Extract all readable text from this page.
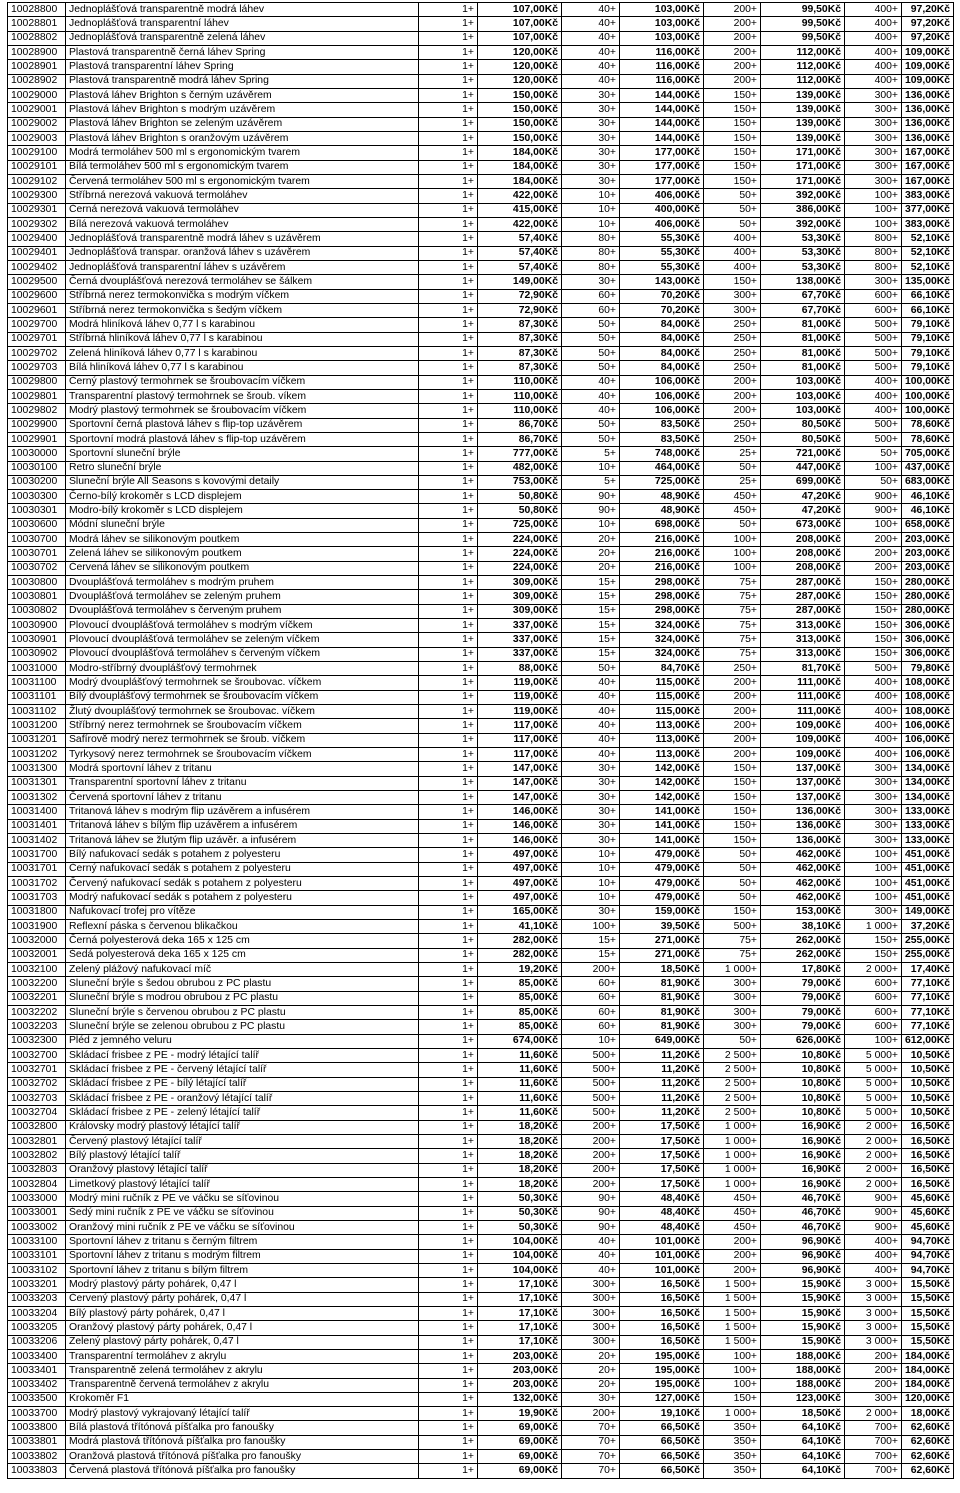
10028800	Jednoplášťová transparentně modrá láhev	1+	107,00Kč	40+	103,00Kč	200+	99,50Kč	400+	97,20Kč
10028801	Jednoplášťová transparentní láhev	1+	107,00Kč	40+	103,00Kč	200+	99,50Kč	400+	97,20Kč
10028802	Jednoplášťová transparentně zelená láhev	1+	107,00Kč	40+	103,00Kč	200+	99,50Kč	400+	97,20Kč
10028900	Plastová transparentně černá láhev Spring	1+	120,00Kč	40+	116,00Kč	200+	112,00Kč	400+	109,00Kč
10028901	Plastová transparentní láhev Spring	1+	120,00Kč	40+	116,00Kč	200+	112,00Kč	400+	109,00Kč
10028902	Plastová transparentně modrá láhev Spring	1+	120,00Kč	40+	116,00Kč	200+	112,00Kč	400+	109,00Kč
10029000	Plastová láhev Brighton s černým uzávěrem	1+	150,00Kč	30+	144,00Kč	150+	139,00Kč	300+	136,00Kč
10029001	Plastová láhev Brighton s modrým uzávěrem	1+	150,00Kč	30+	144,00Kč	150+	139,00Kč	300+	136,00Kč
10029002	Plastová láhev Brighton se zeleným uzávěrem	1+	150,00Kč	30+	144,00Kč	150+	139,00Kč	300+	136,00Kč
10029003	Plastová láhev Brighton s oranžovým uzávěrem	1+	150,00Kč	30+	144,00Kč	150+	139,00Kč	300+	136,00Kč
10029100	Modrá termoláhev 500 ml s ergonomickým tvarem	1+	184,00Kč	30+	177,00Kč	150+	171,00Kč	300+	167,00Kč
10029101	Bílá termoláhev 500 ml s ergonomickým tvarem	1+	184,00Kč	30+	177,00Kč	150+	171,00Kč	300+	167,00Kč
10029102	Červená termoláhev 500 ml s ergonomickým tvarem	1+	184,00Kč	30+	177,00Kč	150+	171,00Kč	300+	167,00Kč
10029300	Stříbrná nerezová vakuová termoláhev	1+	422,00Kč	10+	406,00Kč	50+	392,00Kč	100+	383,00Kč
10029301	Černá nerezová vakuová termoláhev	1+	415,00Kč	10+	400,00Kč	50+	386,00Kč	100+	377,00Kč
10029302	Bílá nerezová vakuová termoláhev	1+	422,00Kč	10+	406,00Kč	50+	392,00Kč	100+	383,00Kč
10029400	Jednoplášťová transparentně modrá láhev s uzávěrem	1+	57,40Kč	80+	55,30Kč	400+	53,30Kč	800+	52,10Kč
10029401	Jednoplášťová transpar. oranžová láhev s uzávěrem	1+	57,40Kč	80+	55,30Kč	400+	53,30Kč	800+	52,10Kč
10029402	Jednoplášťová transparentní láhev s uzávěrem	1+	57,40Kč	80+	55,30Kč	400+	53,30Kč	800+	52,10Kč
10029500	Černá dvouplášťová nerezová termoláhev se šálkem	1+	149,00Kč	30+	143,00Kč	150+	138,00Kč	300+	135,00Kč
10029600	Stříbrná nerez termokonvička s modrým víčkem	1+	72,90Kč	60+	70,20Kč	300+	67,70Kč	600+	66,10Kč
10029601	Stříbrná nerez termokonvička s šedým víčkem	1+	72,90Kč	60+	70,20Kč	300+	67,70Kč	600+	66,10Kč
10029700	Modrá hliníková láhev 0,77 l s karabinou	1+	87,30Kč	50+	84,00Kč	250+	81,00Kč	500+	79,10Kč
10029701	Stříbrná hliníková láhev 0,77 l s karabinou	1+	87,30Kč	50+	84,00Kč	250+	81,00Kč	500+	79,10Kč
10029702	Zelená hliníková láhev 0,77 l s karabinou	1+	87,30Kč	50+	84,00Kč	250+	81,00Kč	500+	79,10Kč
10029703	Bílá hliníková láhev 0,77 l s karabinou	1+	87,30Kč	50+	84,00Kč	250+	81,00Kč	500+	79,10Kč
10029800	Černý plastový termohrnek se šroubovacím víčkem	1+	110,00Kč	40+	106,00Kč	200+	103,00Kč	400+	100,00Kč
10029801	Transparentní plastový termohrnek se šroub. víkem	1+	110,00Kč	40+	106,00Kč	200+	103,00Kč	400+	100,00Kč
10029802	Modrý plastový termohrnek se šroubovacím víčkem	1+	110,00Kč	40+	106,00Kč	200+	103,00Kč	400+	100,00Kč
10029900	Sportovní černá plastová láhev s flip-top uzávěrem	1+	86,70Kč	50+	83,50Kč	250+	80,50Kč	500+	78,60Kč
10029901	Sportovní modrá plastová láhev s flip-top uzávěrem	1+	86,70Kč	50+	83,50Kč	250+	80,50Kč	500+	78,60Kč
10030000	Sportovní sluneční brýle	1+	777,00Kč	5+	748,00Kč	25+	721,00Kč	50+	705,00Kč
10030100	Retro sluneční brýle	1+	482,00Kč	10+	464,00Kč	50+	447,00Kč	100+	437,00Kč
10030200	Sluneční brýle All Seasons s kovovými detaily	1+	753,00Kč	5+	725,00Kč	25+	699,00Kč	50+	683,00Kč
10030300	Černo-bílý krokoměr s LCD displejem	1+	50,80Kč	90+	48,90Kč	450+	47,20Kč	900+	46,10Kč
10030301	Modro-bílý krokoměr s LCD displejem	1+	50,80Kč	90+	48,90Kč	450+	47,20Kč	900+	46,10Kč
10030600	Módní sluneční brýle	1+	725,00Kč	10+	698,00Kč	50+	673,00Kč	100+	658,00Kč
10030700	Modrá láhev se silikonovým poutkem	1+	224,00Kč	20+	216,00Kč	100+	208,00Kč	200+	203,00Kč
10030701	Zelená láhev se silikonovým poutkem	1+	224,00Kč	20+	216,00Kč	100+	208,00Kč	200+	203,00Kč
10030702	Červená láhev se silikonovým poutkem	1+	224,00Kč	20+	216,00Kč	100+	208,00Kč	200+	203,00Kč
10030800	Dvouplášťová termoláhev s modrým pruhem	1+	309,00Kč	15+	298,00Kč	75+	287,00Kč	150+	280,00Kč
10030801	Dvouplášťová termoláhev se zeleným pruhem	1+	309,00Kč	15+	298,00Kč	75+	287,00Kč	150+	280,00Kč
10030802	Dvouplášťová termoláhev s červeným pruhem	1+	309,00Kč	15+	298,00Kč	75+	287,00Kč	150+	280,00Kč
10030900	Plovoucí dvouplášťová termoláhev s modrým víčkem	1+	337,00Kč	15+	324,00Kč	75+	313,00Kč	150+	306,00Kč
10030901	Plovoucí dvouplášťová termoláhev se zeleným víčkem	1+	337,00Kč	15+	324,00Kč	75+	313,00Kč	150+	306,00Kč
10030902	Plovoucí dvouplášťová termoláhev s červeným víčkem	1+	337,00Kč	15+	324,00Kč	75+	313,00Kč	150+	306,00Kč
10031000	Modro-stříbrný dvouplášťový termohrnek	1+	88,00Kč	50+	84,70Kč	250+	81,70Kč	500+	79,80Kč
10031100	Modrý dvouplášťový termohrnek se šroubovac. víčkem	1+	119,00Kč	40+	115,00Kč	200+	111,00Kč	400+	108,00Kč
10031101	Bílý dvouplášťový termohrnek se šroubovacím víčkem	1+	119,00Kč	40+	115,00Kč	200+	111,00Kč	400+	108,00Kč
10031102	Žlutý dvouplášťový termohrnek se šroubovac. víčkem	1+	119,00Kč	40+	115,00Kč	200+	111,00Kč	400+	108,00Kč
10031200	Stříbrný nerez termohrnek se šroubovacím víčkem	1+	117,00Kč	40+	113,00Kč	200+	109,00Kč	400+	106,00Kč
10031201	Safírově modrý nerez termohrnek se šroub. víčkem	1+	117,00Kč	40+	113,00Kč	200+	109,00Kč	400+	106,00Kč
10031202	Tyrkysový nerez termohrnek se šroubovacím víčkem	1+	117,00Kč	40+	113,00Kč	200+	109,00Kč	400+	106,00Kč
10031300	Modrá sportovní láhev z tritanu	1+	147,00Kč	30+	142,00Kč	150+	137,00Kč	300+	134,00Kč
10031301	Transparentní sportovní láhev z tritanu	1+	147,00Kč	30+	142,00Kč	150+	137,00Kč	300+	134,00Kč
10031302	Červená sportovní láhev z tritanu	1+	147,00Kč	30+	142,00Kč	150+	137,00Kč	300+	134,00Kč
10031400	Tritanová láhev s modrým flip uzávěrem a infusérem	1+	146,00Kč	30+	141,00Kč	150+	136,00Kč	300+	133,00Kč
10031401	Tritanová láhev s bílým flip uzávěrem a infusérem	1+	146,00Kč	30+	141,00Kč	150+	136,00Kč	300+	133,00Kč
10031402	Tritanová láhev se žlutým flip uzávěr. a infusérem	1+	146,00Kč	30+	141,00Kč	150+	136,00Kč	300+	133,00Kč
10031700	Bílý nafukovací sedák s potahem z polyesteru	1+	497,00Kč	10+	479,00Kč	50+	462,00Kč	100+	451,00Kč
10031701	Černý nafukovací sedák s potahem z polyesteru	1+	497,00Kč	10+	479,00Kč	50+	462,00Kč	100+	451,00Kč
10031702	Červený nafukovací sedák s potahem z polyesteru	1+	497,00Kč	10+	479,00Kč	50+	462,00Kč	100+	451,00Kč
10031703	Modrý nafukovací sedák s potahem z polyesteru	1+	497,00Kč	10+	479,00Kč	50+	462,00Kč	100+	451,00Kč
10031800	Nafukovací trofej pro vítěze	1+	165,00Kč	30+	159,00Kč	150+	153,00Kč	300+	149,00Kč
10031900	Reflexní páska s červenou blikačkou	1+	41,10Kč	100+	39,50Kč	500+	38,10Kč	1 000+	37,20Kč
10032000	Černá polyesterová deka 165 x 125 cm	1+	282,00Kč	15+	271,00Kč	75+	262,00Kč	150+	255,00Kč
10032001	Šedá polyesterová deka 165 x 125 cm	1+	282,00Kč	15+	271,00Kč	75+	262,00Kč	150+	255,00Kč
10032100	Zelený plážový nafukovací míč	1+	19,20Kč	200+	18,50Kč	1 000+	17,80Kč	2 000+	17,40Kč
10032200	Sluneční brýle s šedou obrubou z PC plastu	1+	85,00Kč	60+	81,90Kč	300+	79,00Kč	600+	77,10Kč
10032201	Sluneční brýle s modrou obrubou z PC plastu	1+	85,00Kč	60+	81,90Kč	300+	79,00Kč	600+	77,10Kč
10032202	Sluneční brýle s červenou obrubou z PC plastu	1+	85,00Kč	60+	81,90Kč	300+	79,00Kč	600+	77,10Kč
10032203	Sluneční brýle se zelenou obrubou z PC plastu	1+	85,00Kč	60+	81,90Kč	300+	79,00Kč	600+	77,10Kč
10032300	Pléd z jemného veluru	1+	674,00Kč	10+	649,00Kč	50+	626,00Kč	100+	612,00Kč
10032700	Skládací frisbee z PE - modrý létající talíř	1+	11,60Kč	500+	11,20Kč	2 500+	10,80Kč	5 000+	10,50Kč
10032701	Skládací frisbee z PE - červený létající talíř	1+	11,60Kč	500+	11,20Kč	2 500+	10,80Kč	5 000+	10,50Kč
10032702	Skládací frisbee z PE - bílý létající talíř	1+	11,60Kč	500+	11,20Kč	2 500+	10,80Kč	5 000+	10,50Kč
10032703	Skládací frisbee z PE - oranžový létající talíř	1+	11,60Kč	500+	11,20Kč	2 500+	10,80Kč	5 000+	10,50Kč
10032704	Skládací frisbee z PE - zelený létající talíř	1+	11,60Kč	500+	11,20Kč	2 500+	10,80Kč	5 000+	10,50Kč
10032800	Královsky modrý plastový létající talíř	1+	18,20Kč	200+	17,50Kč	1 000+	16,90Kč	2 000+	16,50Kč
10032801	Červený plastový létající talíř	1+	18,20Kč	200+	17,50Kč	1 000+	16,90Kč	2 000+	16,50Kč
10032802	Bílý plastový létající talíř	1+	18,20Kč	200+	17,50Kč	1 000+	16,90Kč	2 000+	16,50Kč
10032803	Oranžový plastový létající talíř	1+	18,20Kč	200+	17,50Kč	1 000+	16,90Kč	2 000+	16,50Kč
10032804	Limetkový plastový létající talíř	1+	18,20Kč	200+	17,50Kč	1 000+	16,90Kč	2 000+	16,50Kč
10033000	Modrý mini ručník z PE ve váčku se síťovinou	1+	50,30Kč	90+	48,40Kč	450+	46,70Kč	900+	45,60Kč
10033001	Šedý mini ručník z PE ve váčku se síťovinou	1+	50,30Kč	90+	48,40Kč	450+	46,70Kč	900+	45,60Kč
10033002	Oranžový mini ručník z PE ve váčku se síťovinou	1+	50,30Kč	90+	48,40Kč	450+	46,70Kč	900+	45,60Kč
10033100	Sportovní láhev z tritanu s černým filtrem	1+	104,00Kč	40+	101,00Kč	200+	96,90Kč	400+	94,70Kč
10033101	Sportovní láhev z tritanu s modrým filtrem	1+	104,00Kč	40+	101,00Kč	200+	96,90Kč	400+	94,70Kč
10033102	Sportovní láhev z tritanu s bílým filtrem	1+	104,00Kč	40+	101,00Kč	200+	96,90Kč	400+	94,70Kč
10033201	Modrý plastový párty pohárek, 0,47 l	1+	17,10Kč	300+	16,50Kč	1 500+	15,90Kč	3 000+	15,50Kč
10033203	Červený plastový párty pohárek, 0,47 l	1+	17,10Kč	300+	16,50Kč	1 500+	15,90Kč	3 000+	15,50Kč
10033204	Bílý plastový párty pohárek, 0,47 l	1+	17,10Kč	300+	16,50Kč	1 500+	15,90Kč	3 000+	15,50Kč
10033205	Oranžový plastový párty pohárek, 0,47 l	1+	17,10Kč	300+	16,50Kč	1 500+	15,90Kč	3 000+	15,50Kč
10033206	Zelený plastový párty pohárek, 0,47 l	1+	17,10Kč	300+	16,50Kč	1 500+	15,90Kč	3 000+	15,50Kč
10033400	Transparentní termoláhev z akrylu	1+	203,00Kč	20+	195,00Kč	100+	188,00Kč	200+	184,00Kč
10033401	Transparentně zelená termoláhev z akrylu	1+	203,00Kč	20+	195,00Kč	100+	188,00Kč	200+	184,00Kč
10033402	Transparentně červená termoláhev z akrylu	1+	203,00Kč	20+	195,00Kč	100+	188,00Kč	200+	184,00Kč
10033500	Krokoměr F1	1+	132,00Kč	30+	127,00Kč	150+	123,00Kč	300+	120,00Kč
10033700	Modrý plastový vykrajovaný létající talíř	1+	19,90Kč	200+	19,10Kč	1 000+	18,50Kč	2 000+	18,00Kč
10033800	Bílá plastová třítónová píšťalka pro fanoušky	1+	69,00Kč	70+	66,50Kč	350+	64,10Kč	700+	62,60Kč
10033801	Modrá plastová třítónová píšťalka pro fanoušky	1+	69,00Kč	70+	66,50Kč	350+	64,10Kč	700+	62,60Kč
10033802	Oranžová plastová třítónová píšťalka pro fanoušky	1+	69,00Kč	70+	66,50Kč	350+	64,10Kč	700+	62,60Kč
10033803	Červená plastová třítónová píšťalka pro fanoušky	1+	69,00Kč	70+	66,50Kč	350+	64,10Kč	700+	62,60Kč
